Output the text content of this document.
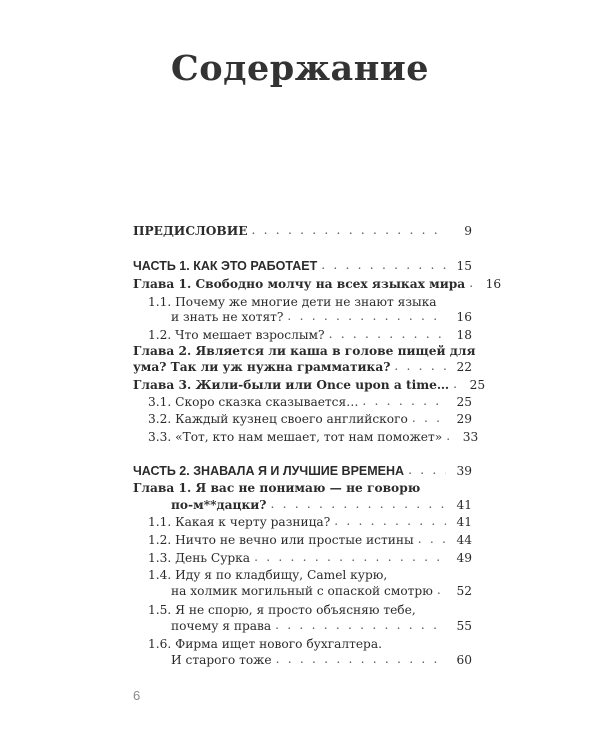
Содержание
ПРЕДИСЛОВИЕ . . .	9
ЧАСТЬ 1. КАК ЭТО РАБОТАЕТ . . .	15
Глава 1. Свободно молчу на всех языках мира . . .	16
1.1. Почему же многие дети не знают языка
и знать не хотят? . . .	16
1.2. Что мешает взрослым? . . .	18
Глава 2. Является ли каша в голове пищей для
ума? Так ли уж нужна грамматика? . . .	22
Глава 3. Жили-были или Once upon a time… . . .	25
3.1. Скоро сказка сказывается… . . .	25
3.2. Каждый кузнец своего английского . . .	29
3.3. «Тот, кто нам мешает, тот нам поможет» . . .	33
ЧАСТЬ 2. ЗНАВАЛА Я И ЛУЧШИЕ ВРЕМЕНА . . .	39
Глава 1. Я вас не понимаю — не говорю
по-м**дацки? . . .	41
1.1. Какая к черту разница? . . .	41
1.2. Ничто не вечно или простые истины . . .	44
1.3. День Сурка . . .	49
1.4. Иду я по кладбищу, Camel курю,
на холмик могильный с опаской смотрю . . .	52
1.5. Я не спорю, я просто объясняю тебе,
почему я права . . .	55
1.6. Фирма ищет нового бухгалтера.
И старого тоже . . .	60
6
